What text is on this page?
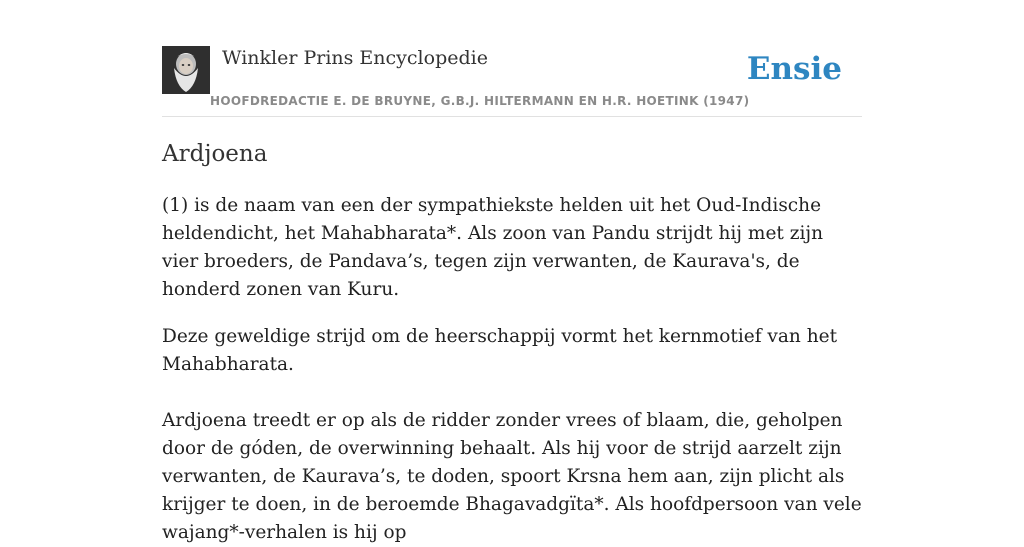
Winkler Prins Encyclopedie
HOOFDREDACTIE E. DE BRUYNE, G.B.J. HILTERMANN EN H.R. HOETINK (1947)
Ensie
Ardjoena

(1) is de naam van een der sympathiekste helden uit het Oud-Indische heldendicht, het Mahabharata*. Als zoon van Pandu strijdt hij met zijn vier broeders, de Pandava’s, tegen zijn verwanten, de Kaurava's, de honderd zonen van Kuru.

Deze geweldige strijd om de heerschappij vormt het kernmotief van het Mahabharata.

Ardjoena treedt er op als de ridder zonder vrees of blaam, die, geholpen door de góden, de overwinning behaalt. Als hij voor de strijd aarzelt zijn verwanten, de Kaurava’s, te doden, spoort Krsna hem aan, zijn plicht als krijger te doen, in de beroemde Bhagavadgïta*. Als hoofdpersoon van vele wajang*-verhalen is hij op
